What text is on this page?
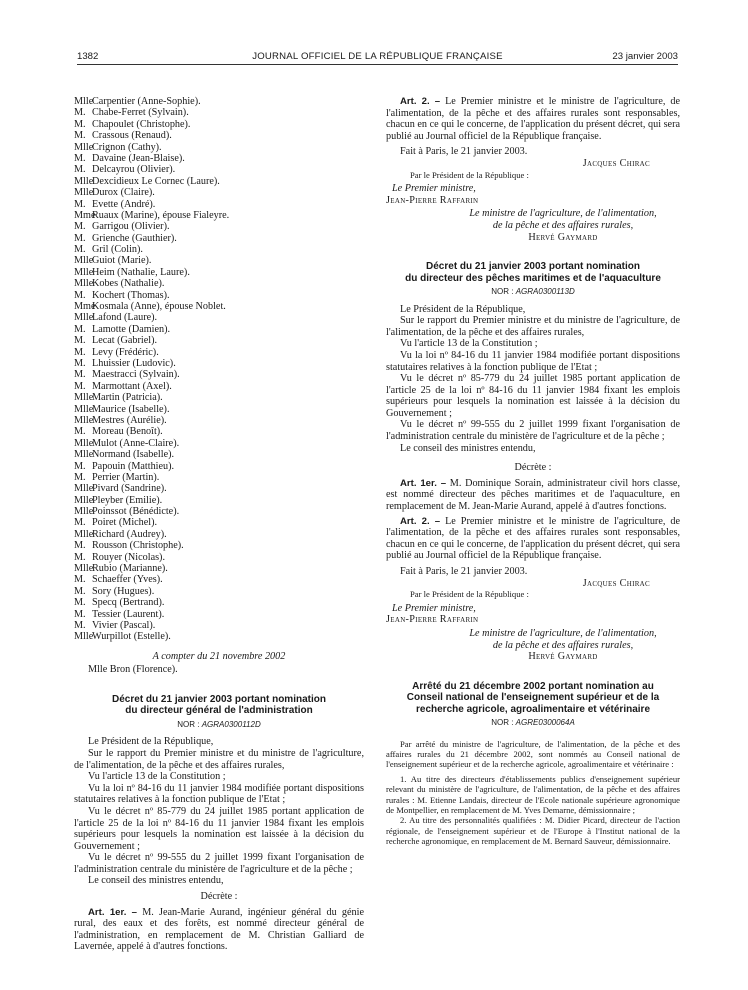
1382	JOURNAL OFFICIEL DE LA RÉPUBLIQUE FRANÇAISE	23 janvier 2003
Mlle
Carpentier (Anne-Sophie).
M. Chabe-Ferret (Sylvain).
M. Chapoulet (Christophe).
M. Crassous (Renaud).
Mlle
Crignon (Cathy).
M. Davaine (Jean-Blaise).
M. Delcayrou (Olivier).
Mlle
Dexcidieux Le Cornec (Laure).
Mlle
Durox (Claire).
M. Evette (André).
Mme
Ruaux (Marine), épouse Fialeyre.
M. Garrigou (Olivier).
M. Grienche (Gauthier).
M. Gril (Colin).
Mlle
Guiot (Marie).
Mlle
Heim (Nathalie, Laure).
Mlle
Kobes (Nathalie).
M. Kochert (Thomas).
Mme
Kosmala (Anne), épouse Noblet.
Mlle
Lafond (Laure).
M. Lamotte (Damien).
M. Lecat (Gabriel).
M. Levy (Frédéric).
M. Lhuissier (Ludovic).
M. Maestracci (Sylvain).
M. Marmottant (Axel).
Mlle
Martin (Patricia).
Mlle
Maurice (Isabelle).
Mlle
Mestres (Aurélie).
M. Moreau (Benoît).
Mlle
Mulot (Anne-Claire).
Mlle
Normand (Isabelle).
M. Papouin (Matthieu).
M. Perrier (Martin).
Mlle
Pivard (Sandrine).
Mlle
Pleyber (Emilie).
Mlle
Poinssot (Bénédicte).
M. Poiret (Michel).
Mlle
Richard (Audrey).
M. Rousson (Christophe).
M. Rouyer (Nicolas).
Mlle
Rubio (Marianne).
M. Schaeffer (Yves).
M. Sory (Hugues).
M. Specq (Bertrand).
M. Tessier (Laurent).
M. Vivier (Pascal).
Mlle
Wurpillot (Estelle).

A compter du 21 novembre 2002

Mlle Bron (Florence).

Décret du 21 janvier 2003 portant nomination

du directeur général de l'administration

NOR : AGRA0300112D

Le Président de la République,

Sur le rapport du Premier ministre et du ministre de l'agriculture, de l'alimentation, de la pêche et des affaires rurales,

Vu l'article 13 de la Constitution ;

Vu la loi nº 84-16 du 11 janvier 1984 modifiée portant dispositions statutaires relatives à la fonction publique de l'Etat ;

Vu le décret nº 85-779 du 24 juillet 1985 portant application de l'article 25 de la loi nº 84-16 du 11 janvier 1984 fixant les emplois supérieurs pour lesquels la nomination est laissée à la décision du Gouvernement ;

Vu le décret nº 99-555 du 2 juillet 1999 fixant l'organisation de l'administration centrale du ministère de l'agriculture et de la pêche ;

Le conseil des ministres entendu,

Décrète :

Art. 1er. – M. Jean-Marie Aurand, ingénieur général du génie rural, des eaux et des forêts, est nommé directeur général de l'administration, en remplacement de M. Christian Galliard de Lavernée, appelé à d'autres fonctions.

Art. 2. – Le Premier ministre et le ministre de l'agriculture, de l'alimentation, de la pêche et des affaires rurales sont responsables, chacun en ce qui le concerne, de l'application du présent décret, qui sera publié au Journal officiel de la République française.

Fait à Paris, le 21 janvier 2003.

Jacques Chirac

Par le Président de la République :

Le Premier ministre,

Jean-Pierre Raffarin

Le ministre de l'agriculture, de l'alimentation,

de la pêche et des affaires rurales,

Hervé Gaymard

Décret du 21 janvier 2003 portant nomination

du directeur des pêches maritimes et de l'aquaculture

NOR : AGRA0300113D

Le Président de la République,

Sur le rapport du Premier ministre et du ministre de l'agriculture, de l'alimentation, de la pêche et des affaires rurales,

Vu l'article 13 de la Constitution ;

Vu la loi nº 84-16 du 11 janvier 1984 modifiée portant dispositions statutaires relatives à la fonction publique de l'Etat ;

Vu le décret nº 85-779 du 24 juillet 1985 portant application de l'article 25 de la loi nº 84-16 du 11 janvier 1984 fixant les emplois supérieurs pour lesquels la nomination est laissée à la décision du Gouvernement ;

Vu le décret nº 99-555 du 2 juillet 1999 fixant l'organisation de l'administration centrale du ministère de l'agriculture et de la pêche ;

Le conseil des ministres entendu,

Décrète :

Art. 1er. – M. Dominique Sorain, administrateur civil hors classe, est nommé directeur des pêches maritimes et de l'aquaculture, en remplacement de M. Jean-Marie Aurand, appelé à d'autres fonctions.

Art. 2. – Le Premier ministre et le ministre de l'agriculture, de l'alimentation, de la pêche et des affaires rurales sont responsables, chacun en ce qui le concerne, de l'application du présent décret, qui sera publié au Journal officiel de la République française.

Fait à Paris, le 21 janvier 2003.

Jacques Chirac

Par le Président de la République :

Le Premier ministre,

Jean-Pierre Raffarin

Le ministre de l'agriculture, de l'alimentation,

de la pêche et des affaires rurales,

Hervé Gaymard

Arrêté du 21 décembre 2002 portant nomination au

Conseil national de l'enseignement supérieur et de la

recherche agricole, agroalimentaire et vétérinaire

NOR : AGRE0300064A

Par arrêté du ministre de l'agriculture, de l'alimentation, de la pêche et des affaires rurales du 21 décembre 2002, sont nommés au Conseil national de l'enseignement supérieur et de la recherche agricole, agroalimentaire et vétérinaire :

1. Au titre des directeurs d'établissements publics d'enseignement supérieur relevant du ministère de l'agriculture, de l'alimentation, de la pêche et des affaires rurales : M. Etienne Landais, directeur de l'Ecole nationale supérieure agronomique de Montpellier, en remplacement de M. Yves Demarne, démissionnaire ;

2. Au titre des personnalités qualifiées : M. Didier Picard, directeur de l'action régionale, de l'enseignement supérieur et de l'Europe à l'Institut national de la recherche agronomique, en remplacement de M. Bernard Sauveur, démissionnaire.
